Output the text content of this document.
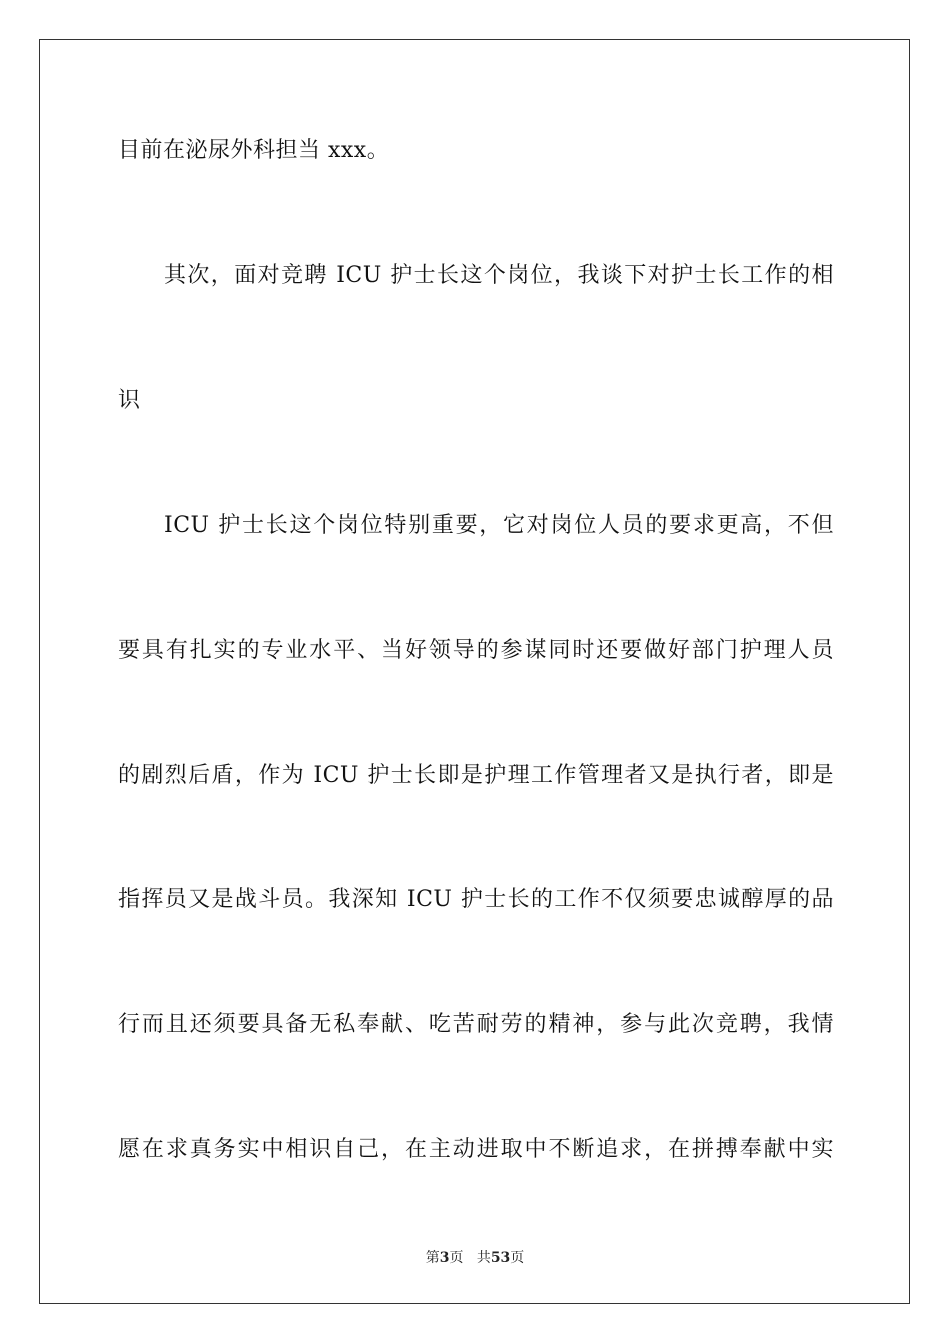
目前在泌尿外科担当 xxx。
其次，面对竞聘 ICU 护士长这个岗位，我谈下对护士长工作的相
识
ICU 护士长这个岗位特别重要，它对岗位人员的要求更高，不但
要具有扎实的专业水平、当好领导的参谋同时还要做好部门护理人员
的剧烈后盾，作为 ICU 护士长即是护理工作管理者又是执行者，即是
指挥员又是战斗员。我深知 ICU 护士长的工作不仅须要忠诚醇厚的品
行而且还须要具备无私奉献、吃苦耐劳的精神，参与此次竞聘，我情
愿在求真务实中相识自己，在主动进取中不断追求，在拼搏奉献中实
第3页 共53页
